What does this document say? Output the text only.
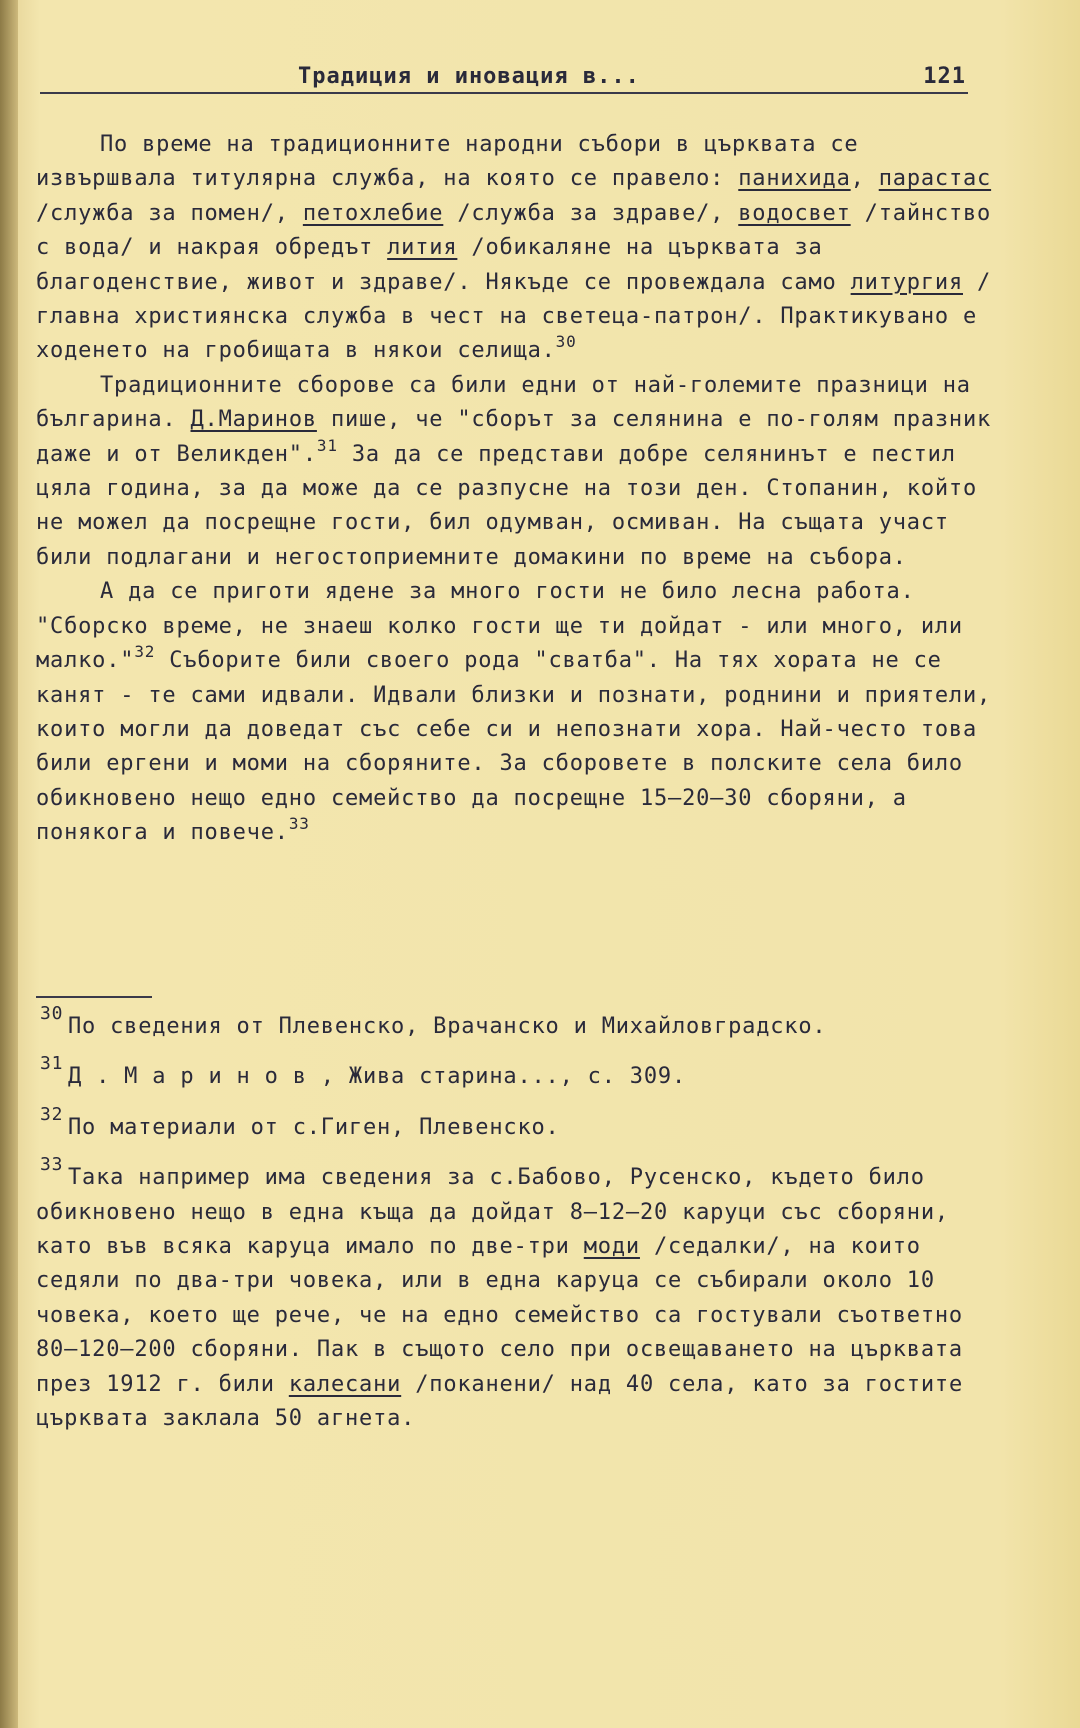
Традиция и иновация в...	121

По време на традиционните народни събори в църквата се извършвала титулярна служба, на която се правело: панихида, парастас /служба за помен/, петохлебие /служба за здраве/, водосвет /тайнство с вода/ и накрая обредът лития /обикаляне на църквата за благоденствие, живот и здраве/. Някъде се провеждала само литургия /главна християнска служба в чест на светеца-патрон/. Практикувано е ходенето на гробищата в някои селища.$^{30}$

Традиционните сборове са били едни от най-големите празници на българина. Д.Маринов пише, че "сборът за селянина е по-голям празник даже и от Великден".$^{31}$ За да се представи добре селянинът е пестил цяла година, за да може да се разпусне на този ден. Стопанин, който не можел да посрещне гости, бил одумван, осмиван. На същата участ били подлагани и негостоприемните домакини по време на събора.

А да се приготи ядене за много гости не било лесна работа. "Сборско време, не знаеш колко гости ще ти дойдат - или много, или малко."$^{32}$ Съборите били своего рода "сватба". На тях хората не се канят - те сами идвали. Идвали близки и познати, роднини и приятели, които могли да доведат със себе си и непознати хора. Най-често това били ергени и моми на сборяните. За сборовете в полските села било обикновено нещо едно семейство да посрещне 15—20—30 сборяни, а понякога и повече.$^{33}$

30По сведения от Плевенско, Врачанско и Михайловградско.

31Д . М а р и н о в , Жива старина..., с. 309.

32По материали от с.Гиген, Плевенско.

33Така например има сведения за с.Бабово, Русенско, където било обикновено нещо в една къща да дойдат 8—12—20 каруци със сборяни, като във всяка каруца имало по две-три моди /седалки/, на които седяли по два-три човека, или в една каруца се събирали около 10 човека, което ще рече, че на едно семейство са гостували съответно 80—120—200 сборяни. Пак в същото село при освещаването на църквата през 1912 г. били калесани /поканени/ над 40 села, като за гостите църквата заклала 50 агнета.
